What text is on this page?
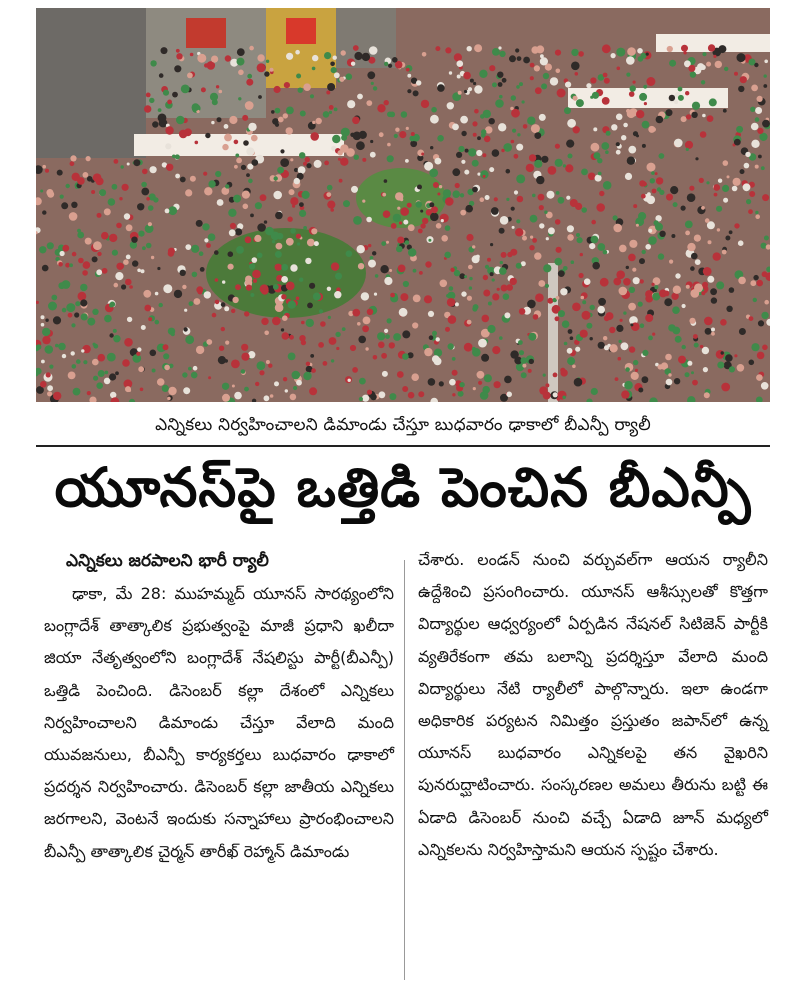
ఎన్నికలు నిర్వహించాలని డిమాండు చేస్తూ బుధవారం ఢాకాలో బీఎన్పీ ర్యాలీ
యూనస్‌పై ఒత్తిడి పెంచిన బీఎన్పీ
ఎన్నికలు జరపాలని భారీ ర్యాలీ

ఢాకా, మే 28: ముహమ్మద్ యూనస్ సారథ్యంలోని బంగ్లాదేశ్ తాత్కాలిక ప్రభుత్వంపై మాజీ ప్రధాని ఖలీదా జియా నేతృత్వంలోని బంగ్లాదేశ్ నేషలిస్టు పార్టీ(బీఎన్పీ) ఒత్తిడి పెంచింది. డిసెంబర్ కల్లా దేశంలో ఎన్నికలు నిర్వహించాలని డిమాండు చేస్తూ వేలాది మంది యువజనులు, బీఎన్పీ కార్యకర్తలు బుధవారం ఢాకాలో ప్రదర్శన నిర్వహించారు. డిసెంబర్ కల్లా జాతీయ ఎన్నికలు జరగాలని, వెంటనే ఇందుకు సన్నాహాలు ప్రారంభించాలని బీఎన్పీ తాత్కాలిక చైర్మన్ తారీఖ్ రెహ్మాన్ డిమాండు

చేశారు. లండన్ నుంచి వర్చువల్‌గా ఆయన ర్యాలీని ఉద్దేశించి ప్రసంగించారు. యూనస్ ఆశీస్సులతో కొత్తగా విద్యార్థుల ఆధ్వర్యంలో ఏర్పడిన నేషనల్ సిటిజెన్ పార్టీకి వ్యతిరేకంగా తమ బలాన్ని ప్రదర్శిస్తూ వేలాది మంది విద్యార్థులు నేటి ర్యాలీలో పాల్గొన్నారు. ఇలా ఉండగా అధికారిక పర్యటన నిమిత్తం ప్రస్తుతం జపాన్‌లో ఉన్న యూనస్ బుధవారం ఎన్నికలపై తన వైఖరిని పునరుద్ఘాటించారు. సంస్కరణల అమలు తీరును బట్టి ఈ ఏడాది డిసెంబర్ నుంచి వచ్చే ఏడాది జూన్ మధ్యలో ఎన్నికలను నిర్వహిస్తామని ఆయన స్పష్టం చేశారు.
